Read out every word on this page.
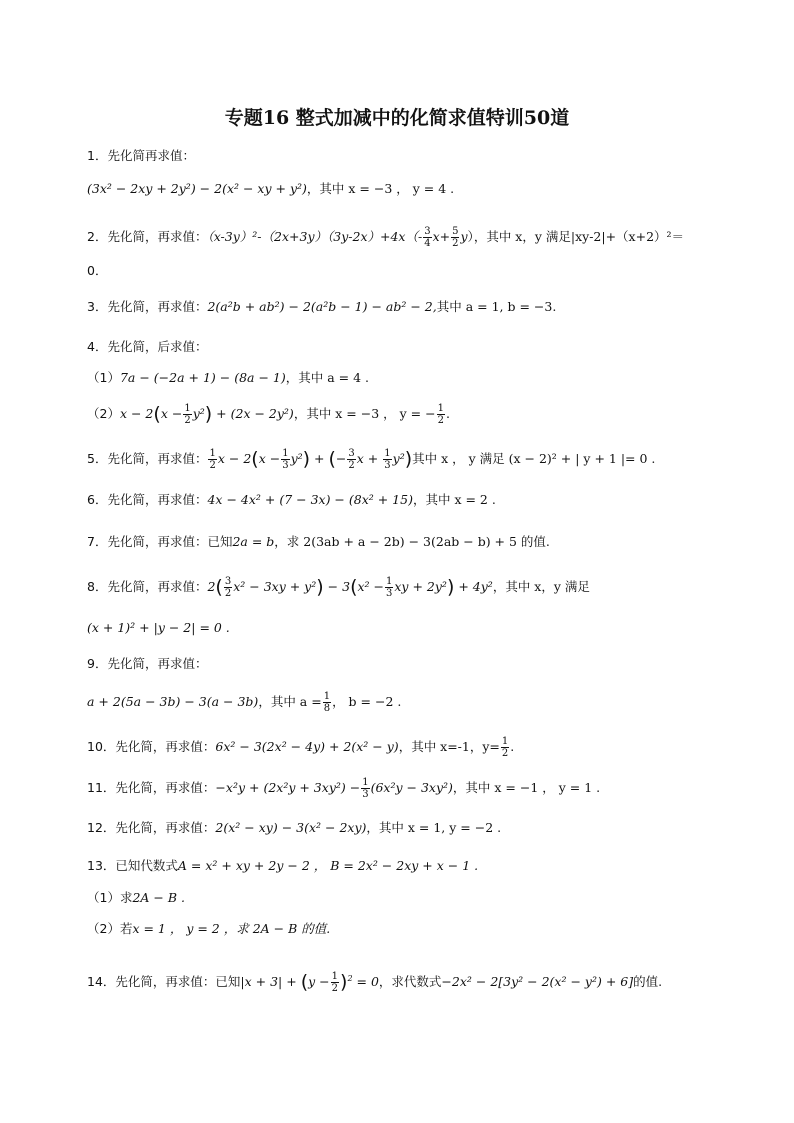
专题16 整式加减中的化简求值特训50道
1．先化简再求值：
(3x² − 2xy + 2y²) − 2(x² − xy + y²)，其中 x = −3 ， y = 4 .
2．先化简，再求值：$(x-3y)^2-(2x+3y)(3y-2x)+4x(- \frac{3}{4} x+ \frac{5}{2} y)$，其中 x，y 满足|xy-2|+（x+2）²＝
0．
3．先化简，再求值：2(a²b + ab²) − 2(a²b − 1) − ab² − 2,其中 a = 1, b = −3.
4．先化简，后求值：
（1）7a − (−2a + 1) − (8a − 1)，其中 a = 4 .
$(2)x - 2(x - \frac{1}{2} y^2) + (2x - 2y^2)$，其中 x = −3 ， y = − $\frac{1}{2}$ .
5．先化简，再求值： $\frac{1}{2}$ $x - 2(x - \frac{1}{3} y^2)$ + (− $\frac{3}{2}$ $x + \frac{1}{3} y^2$)其中 x ， y 满足 (x − 2)² + | y + 1 |= 0 .
6．先化简，再求值：4x − 4x² + (7 − 3x) − (8x² + 15)，其中 x = 2 .
7．先化简，再求值：已知2a = b，求 2(3ab + a − 2b) − 3(2ab − b) + 5 的值.
8．先化简，再求值：$2( \frac{3}{2} x^2 - 3xy + y^2) - 3(x^2 - \frac{1}{3}$ xy + 2y²) + 4y²，其中 x，y 满足
(x + 1)² + |y − 2| = 0 .
9．先化简，再求值：
a + 2(5a − 3b) − 3(a − 3b)，其中 $a = \frac{1}{8}$ ， b = −2 .
10．先化简，再求值：6x² − 3(2x² − 4y) + 2(x² − y)，其中 x=-1，$y= \frac{1}{2}$ .
11．先化简，再求值：$-x^2y + (2x^2y + 3xy^2) - \frac{1}{3} (6x^2y - 3xy^2)$，其中 x = −1 ， y = 1 .
12．先化简，再求值：2(x² − xy) − 3(x² − 2xy)，其中 x = 1, y = −2 .
13．已知代数式A = x² + xy + 2y − 2 ， B = 2x² − 2xy + x − 1 .
（1）求2A − B .
（2）若x = 1 ， y = 2 ，求 2A − B 的值.
14．先化简，再求值：已知$|x + 3| + (y - \frac{1}{2} )^2 = 0$，求代数式−2x² − 2[3y² − 2(x² − y²) + 6]的值.
